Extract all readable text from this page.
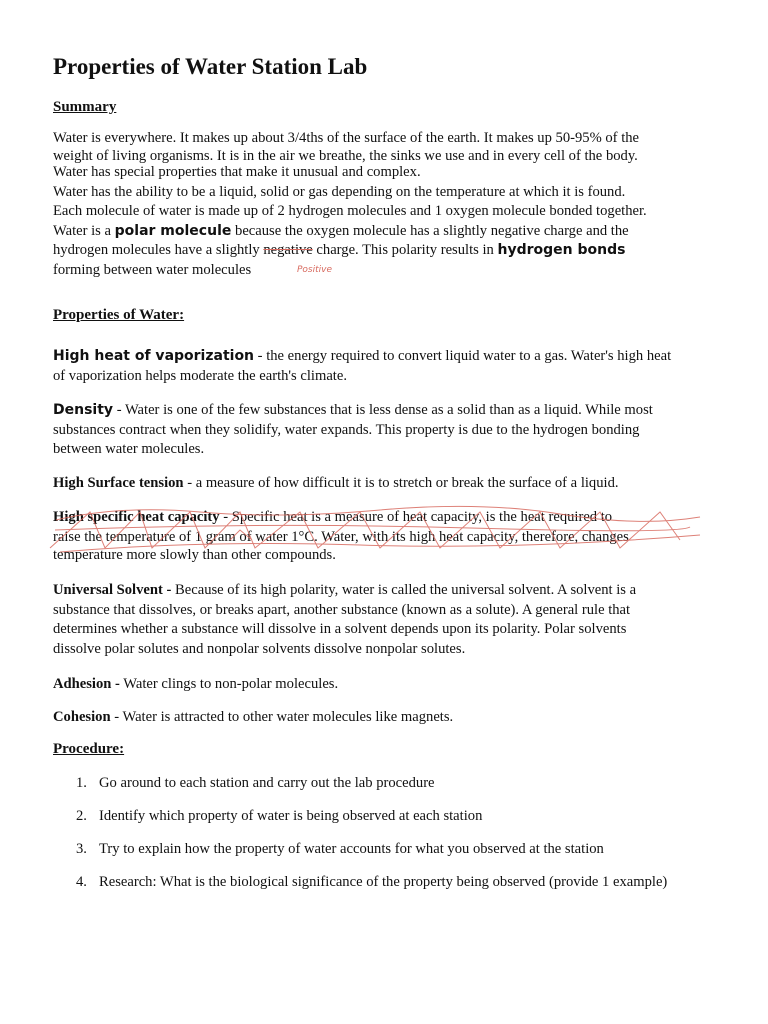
Properties of Water Station Lab
Summary
Water is everywhere. It makes up about 3/4ths of the surface of the earth. It makes up 50-95% of the
weight of living organisms. It is in the air we breathe, the sinks we use and in every cell of the body.
Water has special properties that make it unusual and complex.
Water has the ability to be a liquid, solid or gas depending on the temperature at which it is found.
Each molecule of water is made up of 2 hydrogen molecules and 1 oxygen molecule bonded together.
Water is a polar molecule because the oxygen molecule has a slightly negative charge and the
hydrogen molecules have a slightly negative charge. This polarity results in hydrogen bonds
forming between water molecules	Positive
Properties of Water:
High heat of vaporization - the energy required to convert liquid water to a gas. Water's high heat
of vaporization helps moderate the earth's climate.
Density - Water is one of the few substances that is less dense as a solid than as a liquid. While most
substances contract when they solidify, water expands. This property is due to the hydrogen bonding
between water molecules.
High Surface tension - a measure of how difficult it is to stretch or break the surface of a liquid.
High specific heat capacity - Specific heat is a measure of heat capacity, is the heat required to
raise the temperature of 1 gram of water 1°C. Water, with its high heat capacity, therefore, changes
temperature more slowly than other compounds.
Universal Solvent - Because of its high polarity, water is called the universal solvent. A solvent is a
substance that dissolves, or breaks apart, another substance (known as a solute). A general rule that
determines whether a substance will dissolve in a solvent depends upon its polarity. Polar solvents
dissolve polar solutes and nonpolar solvents dissolve nonpolar solutes.
Adhesion - Water clings to non-polar molecules.
Cohesion - Water is attracted to other water molecules like magnets.
Procedure:
1. Go around to each station and carry out the lab procedure
2. Identify which property of water is being observed at each station
3. Try to explain how the property of water accounts for what you observed at the station
4. Research: What is the biological significance of the property being observed (provide 1 example)
